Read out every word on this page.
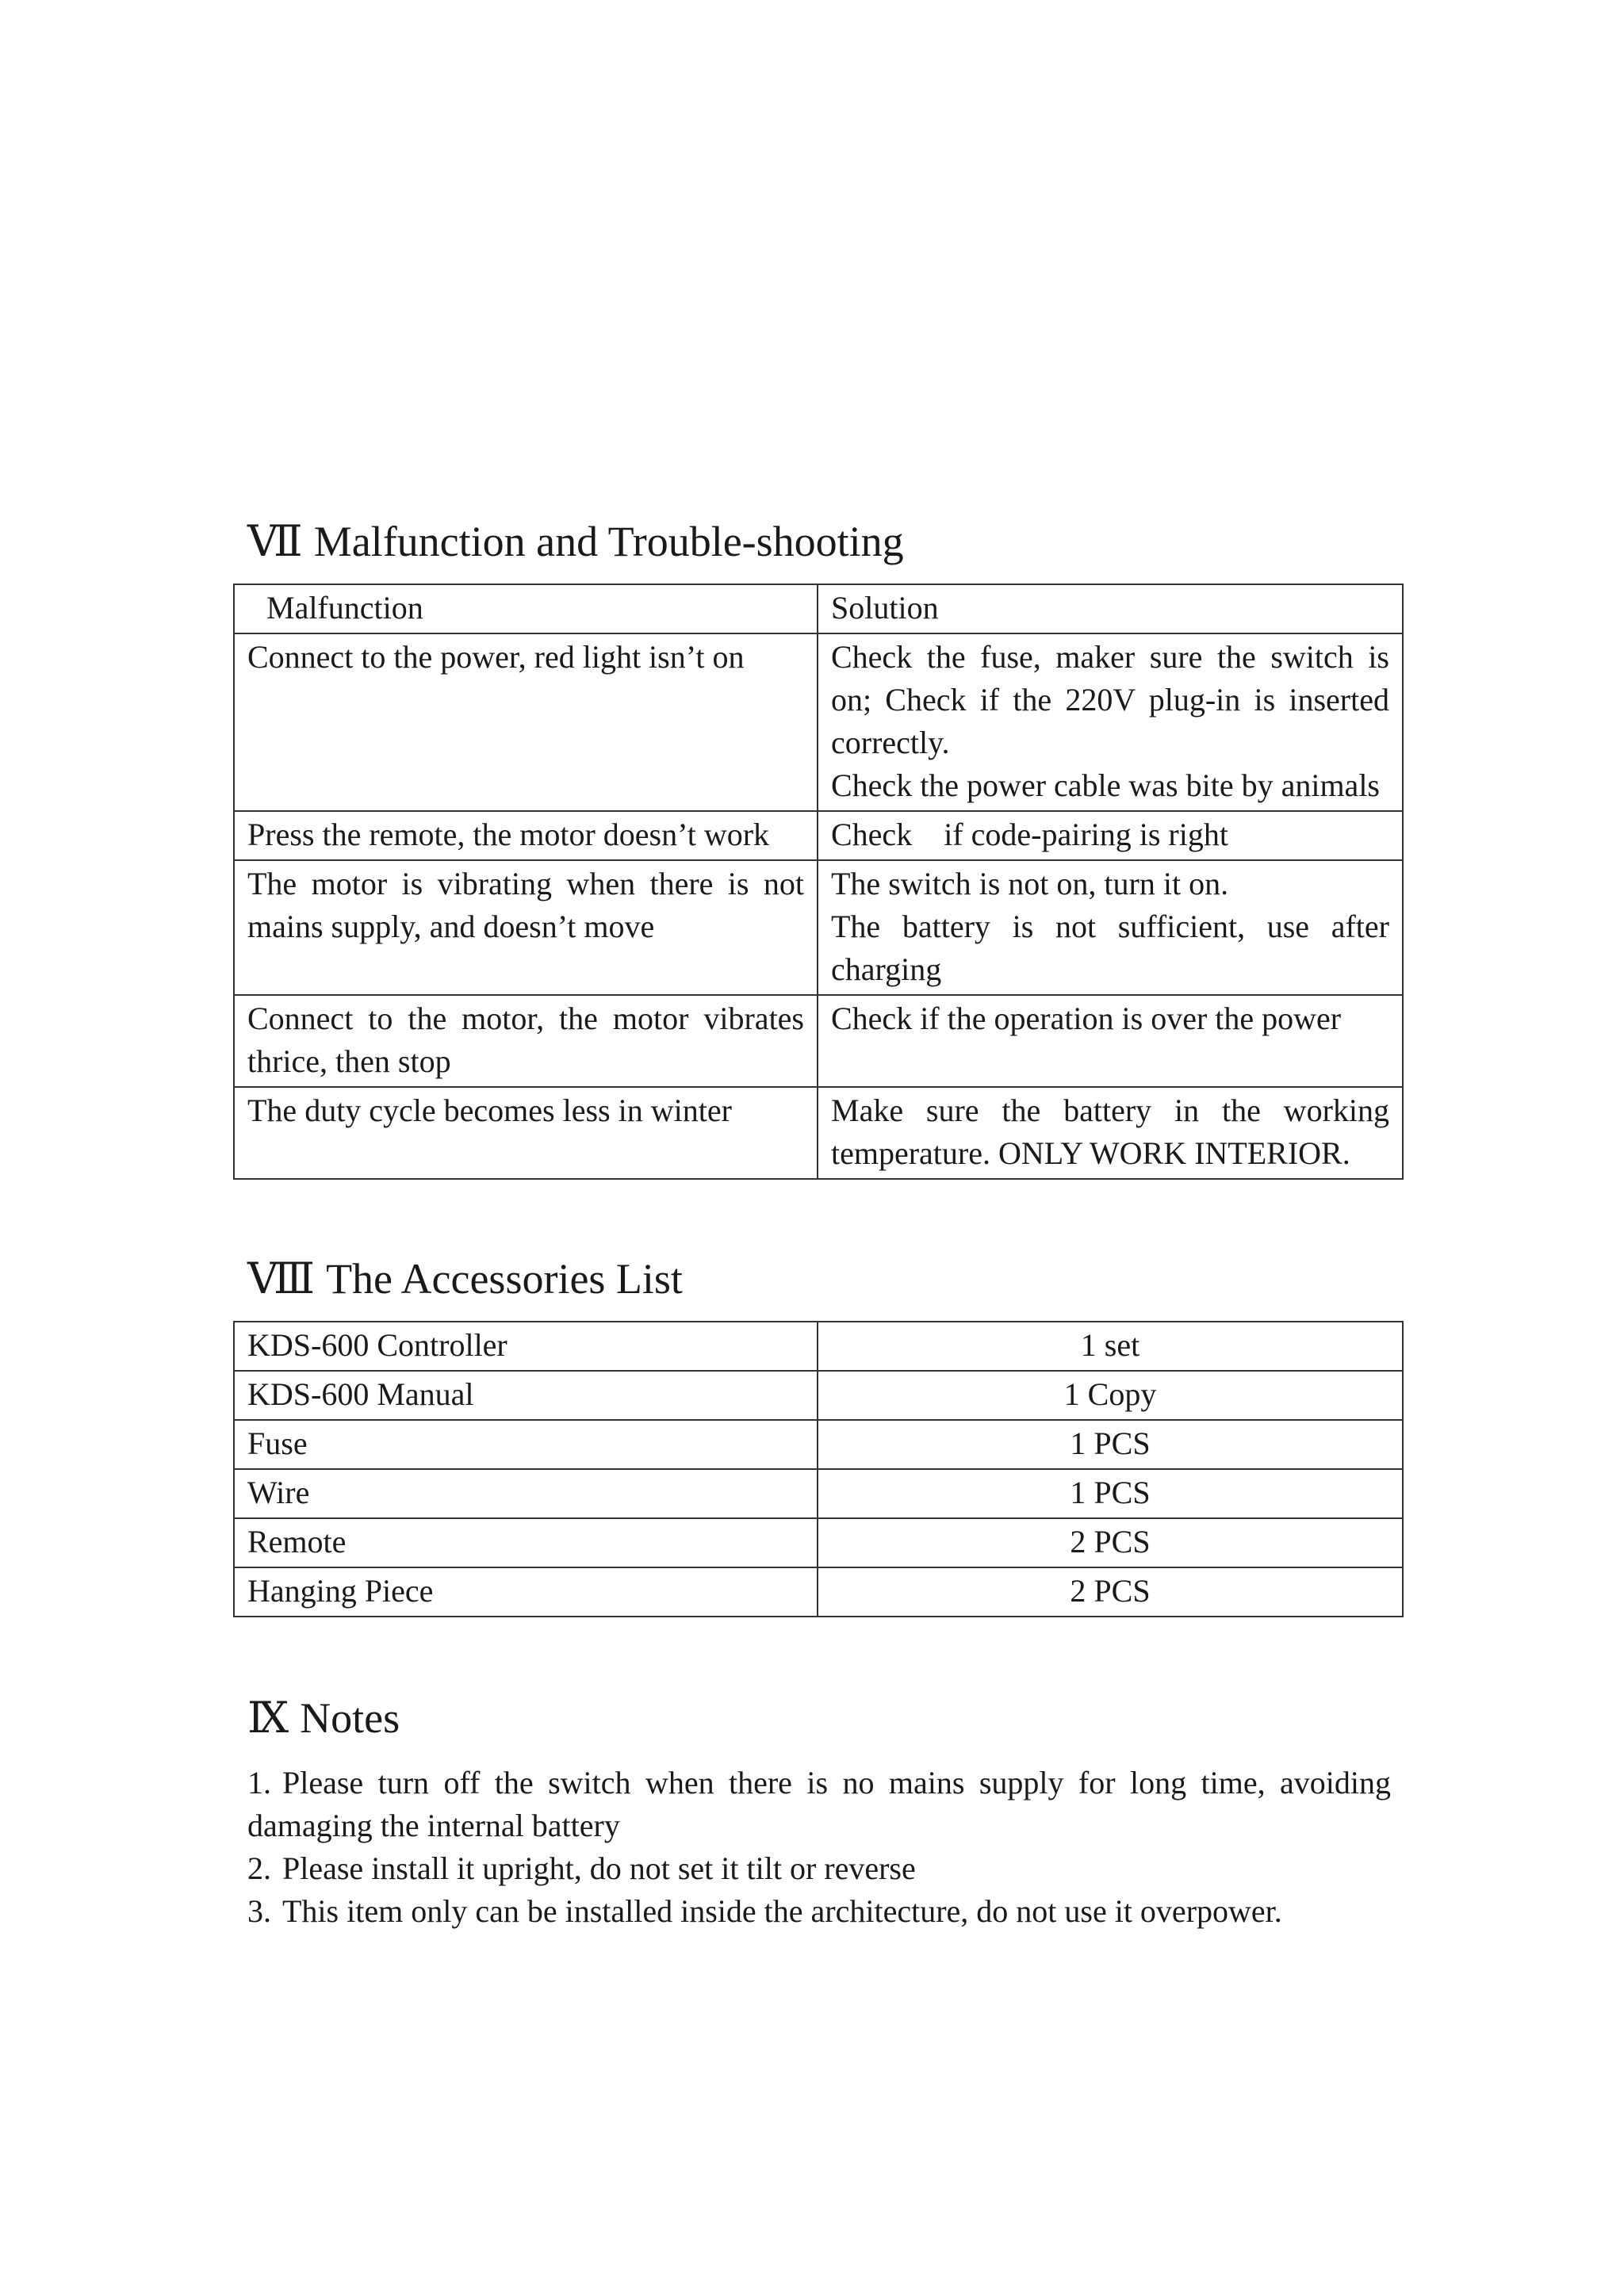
Ⅶ Malfunction and Trouble-shooting
Malfunction	Solution
Connect to the power, red light isn’t on	Check the fuse, maker sure the switch is on; Check if the 220V plug-in is inserted correctly.
Check the power cable was bite by animals

Press the remote, the motor doesn’t work	Check if code-pairing is right

The motor is vibrating when there is not mains supply, and doesn’t move	The switch is not on, turn it on.
The battery is not sufficient, use after charging

Connect to the motor, the motor vibrates thrice, then stop	Check if the operation is over the power

The duty cycle becomes less in winter	Make sure the battery in the working temperature. ONLY WORK INTERIOR.
Ⅷ The Accessories List
KDS-600 Controller	1 set
KDS-600 Manual	1 Copy
Fuse	1 PCS
Wire	1 PCS
Remote	2 PCS
Hanging Piece	2 PCS
Ⅸ Notes

1. Please turn off the switch when there is no mains supply for long time, avoiding damaging the internal battery

2. Please install it upright, do not set it tilt or reverse

3. This item only can be installed inside the architecture, do not use it overpower.
